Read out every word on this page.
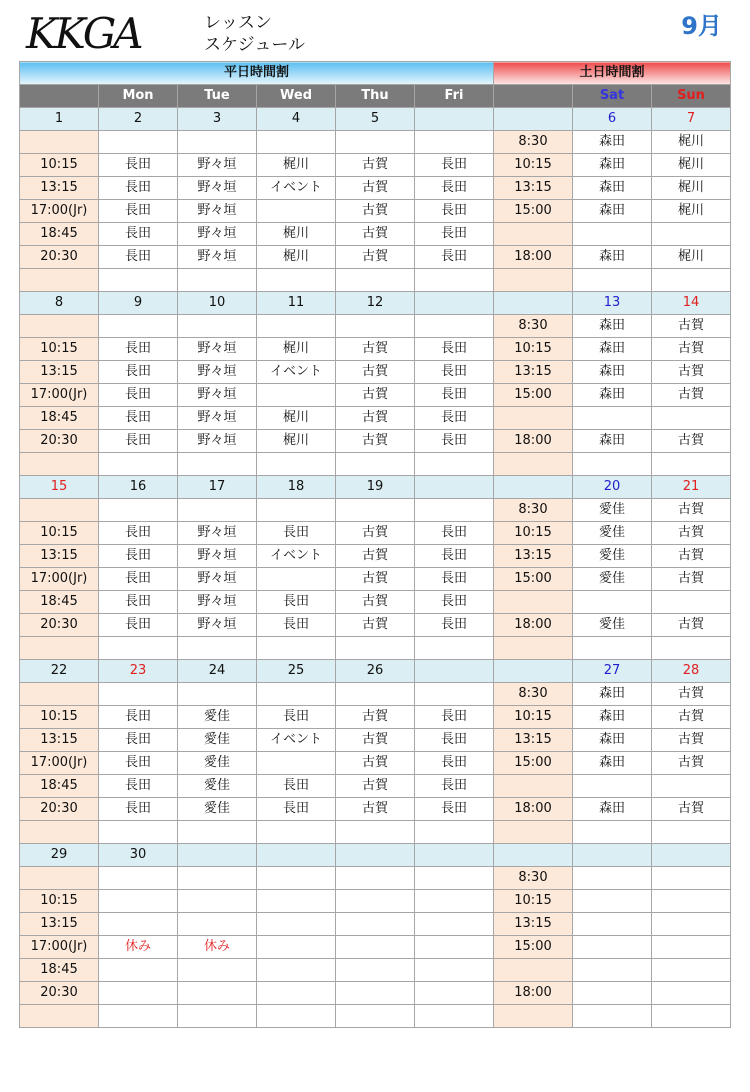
KKGA	レッスン
スケジュール
9月
平日時間割						土日時間割		
	Mon	Tue	Wed	Thu	Fri		Sat	Sun
1	2	3	4	5			6	7
						8:30	森田	梶川
10:15	長田	野々垣	梶川	古賀	長田	10:15	森田	梶川
13:15	長田	野々垣	イベント	古賀	長田	13:15	森田	梶川
17:00(Jr)	長田	野々垣		古賀	長田	15:00	森田	梶川
18:45	長田	野々垣	梶川	古賀	長田			
20:30	長田	野々垣	梶川	古賀	長田	18:00	森田	梶川

8	9	10	11	12			13	14
						8:30	森田	古賀
10:15	長田	野々垣	梶川	古賀	長田	10:15	森田	古賀
13:15	長田	野々垣	イベント	古賀	長田	13:15	森田	古賀
17:00(Jr)	長田	野々垣		古賀	長田	15:00	森田	古賀
18:45	長田	野々垣	梶川	古賀	長田			
20:30	長田	野々垣	梶川	古賀	長田	18:00	森田	古賀

15	16	17	18	19			20	21
						8:30	愛佳	古賀
10:15	長田	野々垣	長田	古賀	長田	10:15	愛佳	古賀
13:15	長田	野々垣	イベント	古賀	長田	13:15	愛佳	古賀
17:00(Jr)	長田	野々垣		古賀	長田	15:00	愛佳	古賀
18:45	長田	野々垣	長田	古賀	長田			
20:30	長田	野々垣	長田	古賀	長田	18:00	愛佳	古賀

22	23	24	25	26			27	28
						8:30	森田	古賀
10:15	長田	愛佳	長田	古賀	長田	10:15	森田	古賀
13:15	長田	愛佳	イベント	古賀	長田	13:15	森田	古賀
17:00(Jr)	長田	愛佳		古賀	長田	15:00	森田	古賀
18:45	長田	愛佳	長田	古賀	長田			
20:30	長田	愛佳	長田	古賀	長田	18:00	森田	古賀

29	30							
						8:30		
10:15						10:15		
13:15						13:15		
17:00(Jr)	休み	休み				15:00		
18:45								
20:30						18:00		
